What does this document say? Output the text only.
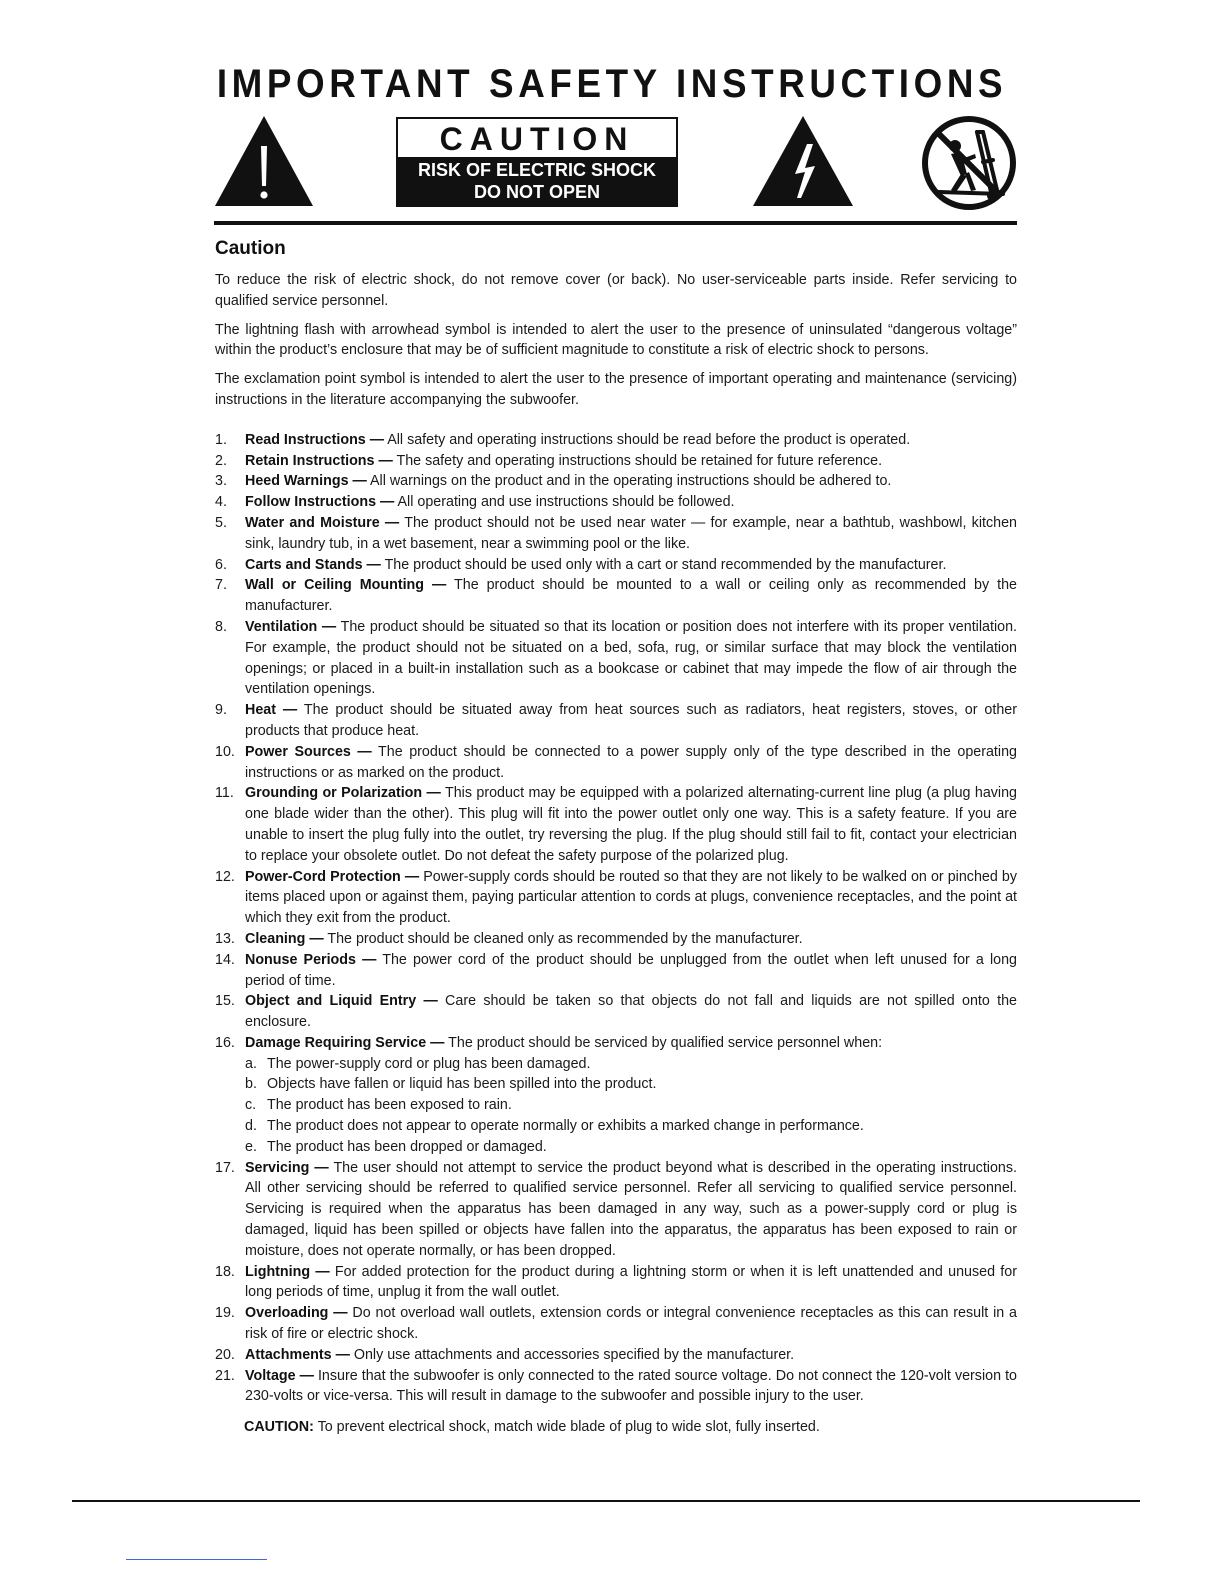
IMPORTANT SAFETY INSTRUCTIONS
CAUTION
RISK OF ELECTRIC SHOCK
DO NOT OPEN
Caution

To reduce the risk of electric shock, do not remove cover (or back). No user-serviceable parts inside. Refer servicing to qualified service personnel.

The lightning flash with arrowhead symbol is intended to alert the user to the presence of uninsulated “dangerous voltage” within the product’s enclosure that may be of sufficient magnitude to constitute a risk of electric shock to persons.

The exclamation point symbol is intended to alert the user to the presence of important operating and maintenance (servicing) instructions in the literature accompanying the subwoofer.

1. Read Instructions — All safety and operating instructions should be read before the product is operated.
2. Retain Instructions — The safety and operating instructions should be retained for future reference.
3. Heed Warnings — All warnings on the product and in the operating instructions should be adhered to.
4. Follow Instructions — All operating and use instructions should be followed.
5. Water and Moisture — The product should not be used near water — for example, near a bathtub, washbowl, kitchen sink, laundry tub, in a wet basement, near a swimming pool or the like.
6. Carts and Stands — The product should be used only with a cart or stand recommended by the manufacturer.
7. Wall or Ceiling Mounting — The product should be mounted to a wall or ceiling only as recommended by the manufacturer.
8. Ventilation — The product should be situated so that its location or position does not interfere with its proper ventilation. For example, the product should not be situated on a bed, sofa, rug, or similar surface that may block the ventilation openings; or placed in a built-in installation such as a bookcase or cabinet that may impede the flow of air through the ventilation openings.
9. Heat — The product should be situated away from heat sources such as radiators, heat registers, stoves, or other products that produce heat.
10. Power Sources — The product should be connected to a power supply only of the type described in the operating instructions or as marked on the product.
11. Grounding or Polarization — This product may be equipped with a polarized alternating-current line plug (a plug having one blade wider than the other). This plug will fit into the power outlet only one way. This is a safety feature. If you are unable to insert the plug fully into the outlet, try reversing the plug. If the plug should still fail to fit, contact your electrician to replace your obsolete outlet. Do not defeat the safety purpose of the polarized plug.
12. Power-Cord Protection — Power-supply cords should be routed so that they are not likely to be walked on or pinched by items placed upon or against them, paying particular attention to cords at plugs, convenience receptacles, and the point at which they exit from the product.
13. Cleaning — The product should be cleaned only as recommended by the manufacturer.
14. Nonuse Periods — The power cord of the product should be unplugged from the outlet when left unused for a long period of time.
15. Object and Liquid Entry — Care should be taken so that objects do not fall and liquids are not spilled onto the enclosure.
16. Damage Requiring Service — The product should be serviced by qualified service personnel when:
a. The power-supply cord or plug has been damaged.
b. Objects have fallen or liquid has been spilled into the product.
c. The product has been exposed to rain.
d. The product does not appear to operate normally or exhibits a marked change in performance.
e. The product has been dropped or damaged.
17. Servicing — The user should not attempt to service the product beyond what is described in the operating instructions. All other servicing should be referred to qualified service personnel. Refer all servicing to qualified service personnel. Servicing is required when the apparatus has been damaged in any way, such as a power-supply cord or plug is damaged, liquid has been spilled or objects have fallen into the apparatus, the apparatus has been exposed to rain or moisture, does not operate normally, or has been dropped.
18. Lightning — For added protection for the product during a lightning storm or when it is left unattended and unused for long periods of time, unplug it from the wall outlet.
19. Overloading — Do not overload wall outlets, extension cords or integral convenience receptacles as this can result in a risk of fire or electric shock.
20. Attachments — Only use attachments and accessories specified by the manufacturer.
21. Voltage — Insure that the subwoofer is only connected to the rated source voltage. Do not connect the 120-volt version to 230-volts or vice-versa. This will result in damage to the subwoofer and possible injury to the user.

CAUTION: To prevent electrical shock, match wide blade of plug to wide slot, fully inserted.
